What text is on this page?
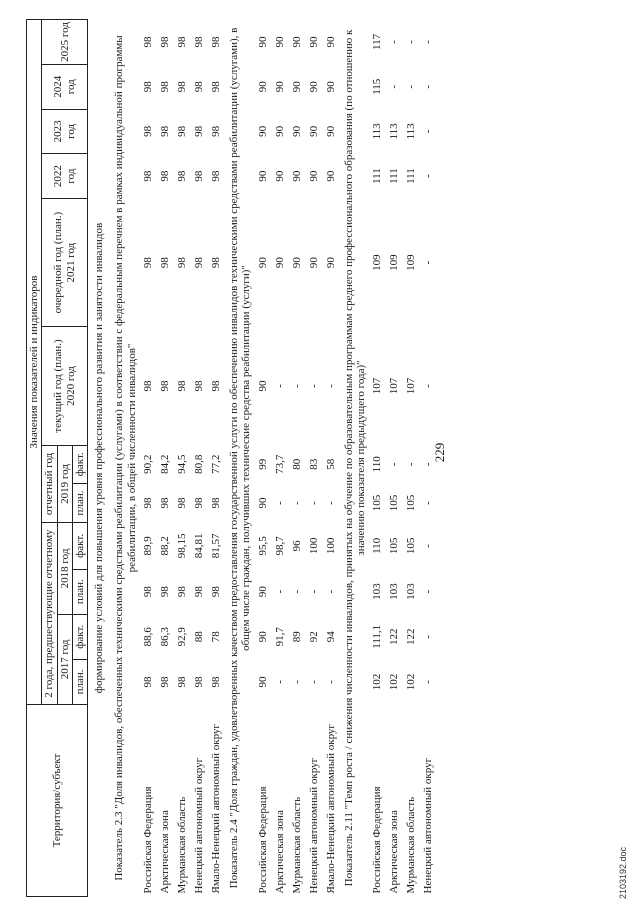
229
Территория/субъект	Значения показателей и индикаторов											
	2 года, предшествующие отчетному				отчетный год		текущий год (план.) 2020 год	очередной год (план.) 2021 год	2022 год	2023 год	2024 год	2025 год
	2017 год		2018 год		2019 год							
	план.	факт.	план.	факт.	план.	факт.						
формирование условий для повышения уровня профессионального развития и занятости инвалидов												
Показатель 2.3 "Доля инвалидов, обеспеченных техническими средствами реабилитации (услугами) в соответствии с федеральным перечнем в рамках индивидуальной программы реабилитации, в общей численности инвалидов"												
Российская Федерация	98	88,6	98	89,9	98	90,2	98	98	98	98	98	98
Арктическая зона	98	86,3	98	88,2	98	84,2	98	98	98	98	98	98
Мурманская область	98	92,9	98	98,15	98	94,5	98	98	98	98	98	98
Ненецкий автономный округ	98	88	98	84,81	98	80,8	98	98	98	98	98	98
Ямало-Ненецкий автономный округ	98	78	98	81,57	98	77,2	98	98	98	98	98	98
Показатель 2.4 "Доля граждан, удовлетворенных качеством предоставления государственной услуги по обеспечению инвалидов техническими средствами реабилитации (услугами), в общем числе граждан, получивших технические средства реабилитации (услуги)"												
Российская Федерация	90	90	90	95,5	90	99	90	90	90	90	90	90
Арктическая зона	-	91,7	-	98,7	-	73,7	-	90	90	90	90	90
Мурманская область	-	89	-	96	-	80	-	90	90	90	90	90
Ненецкий автономный округ	-	92	-	100	-	83	-	90	90	90	90	90
Ямало-Ненецкий автономный округ	-	94	-	100	-	58	-	90	90	90	90	90
Показатель 2.11 "Темп роста / снижения численности инвалидов, принятых на обучение по образовательным программам среднего профессионального образования (по отношению к значению показателя предыдущего года)"												
Российская Федерация	102	111,1	103	110	105	110	107	109	111	113	115	117
Арктическая зона	102	122	103	105	105	-	107	109	111	113	-	-
Мурманская область	102	122	103	105	105	-	107	109	111	113	-	-
Ненецкий автономный округ	-	-	-	-	-	-	-	-	-	-	-	-
2103192.doc
